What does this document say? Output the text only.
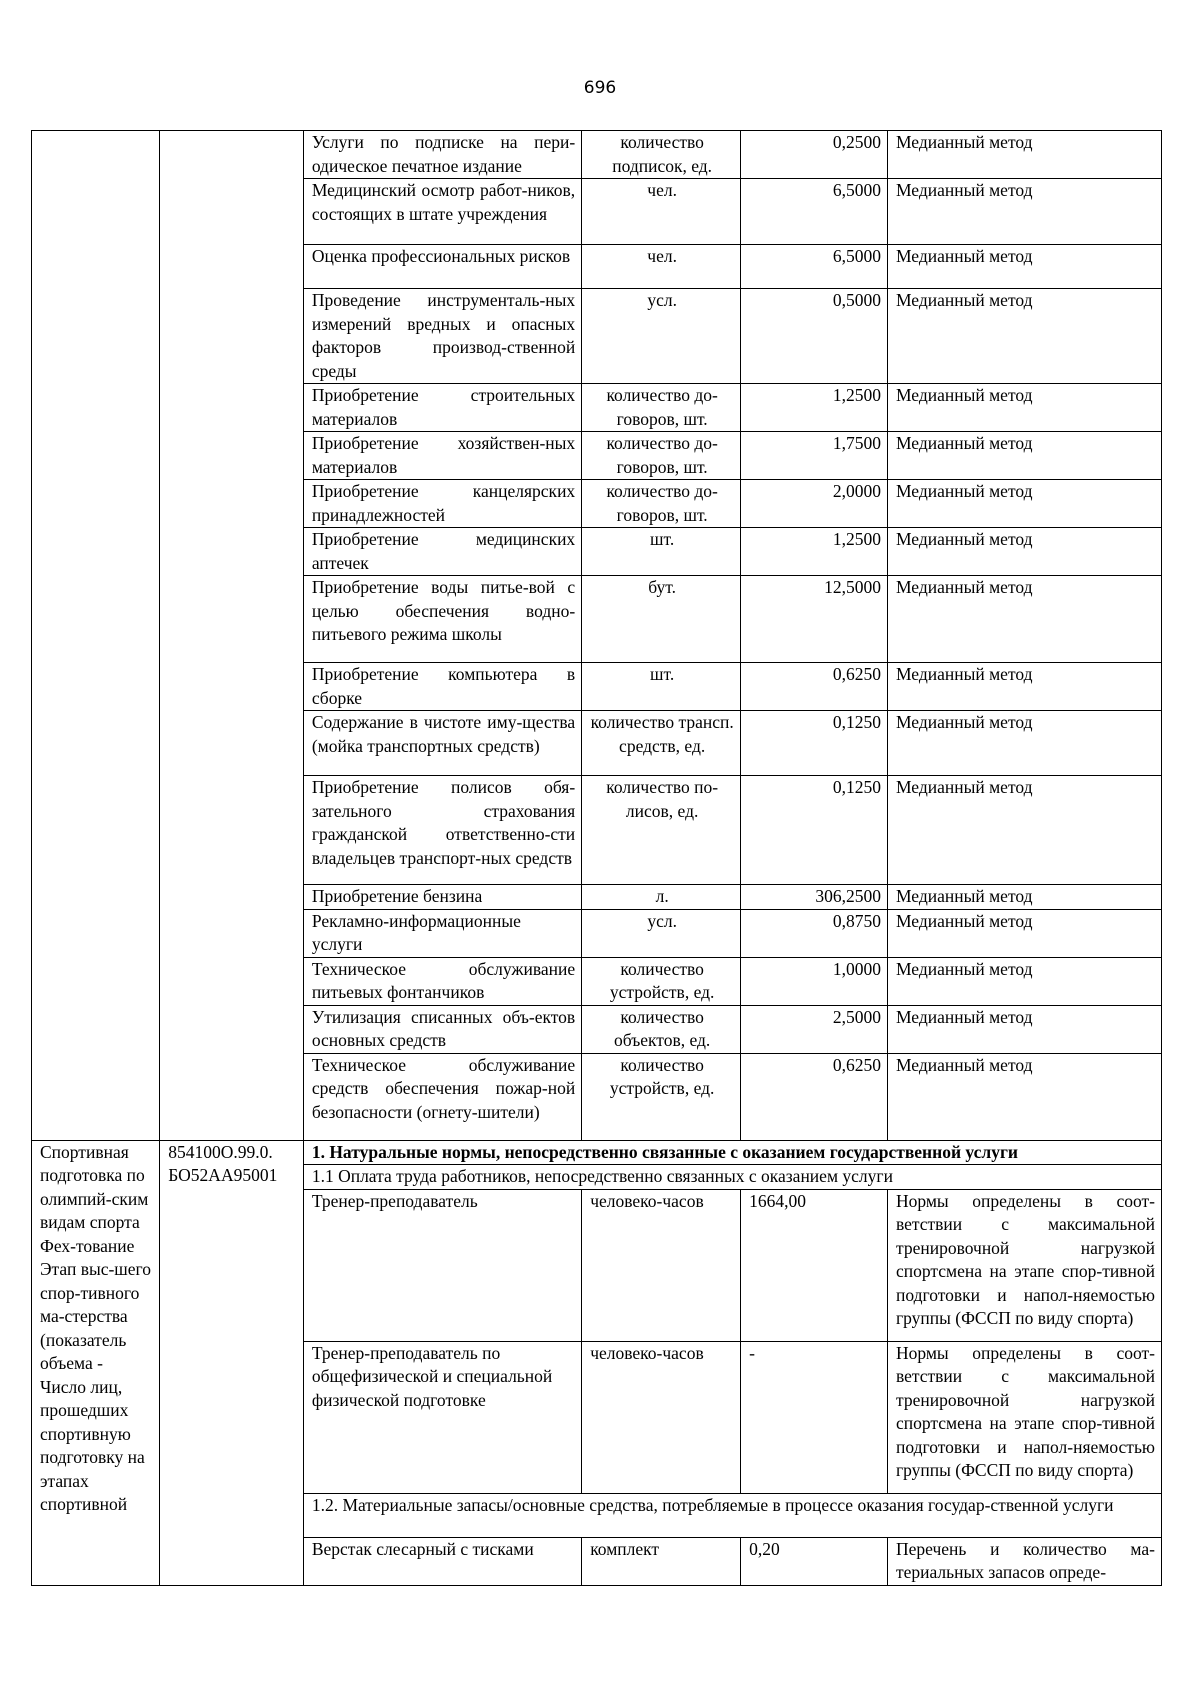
696
		Услуги по подписке на пери-одическое печатное издание	количество подписок, ед.	0,2500	Медианный метод
		Медицинский осмотр работ-ников, состоящих в штате учреждения	чел.	6,5000	Медианный метод
		Оценка профессиональных рисков	чел.	6,5000	Медианный метод
		Проведение инструменталь-ных измерений вредных и опасных факторов производ-ственной среды	усл.	0,5000	Медианный метод
		Приобретение строительных материалов	количество до-говоров, шт.	1,2500	Медианный метод
		Приобретение хозяйствен-ных материалов	количество до-говоров, шт.	1,7500	Медианный метод
		Приобретение канцелярских принадлежностей	количество до-говоров, шт.	2,0000	Медианный метод
		Приобретение медицинских аптечек	шт.	1,2500	Медианный метод
		Приобретение воды питье-вой с целью обеспечения водно-питьевого режима школы	бут.	12,5000	Медианный метод
		Приобретение компьютера в сборке	шт.	0,6250	Медианный метод
		Содержание в чистоте иму-щества (мойка транспортных средств)	количество трансп. средств, ед.	0,1250	Медианный метод
		Приобретение полисов обя-зательного страхования гражданской ответственно-сти владельцев транспорт-ных средств	количество по-лисов, ед.	0,1250	Медианный метод
		Приобретение бензина	л.	306,2500	Медианный метод
		Рекламно-информационные услуги	усл.	0,8750	Медианный метод
		Техническое обслуживание питьевых фонтанчиков	количество устройств, ед.	1,0000	Медианный метод
		Утилизация списанных объ-ектов основных средств	количество объектов, ед.	2,5000	Медианный метод
		Техническое обслуживание средств обеспечения пожар-ной безопасности (огнету-шители)	количество устройств, ед.	0,6250	Медианный метод
Спортивная подготовка по олимпий-ским видам спорта Фех-тование Этап выс-шего спор-тивного ма-стерства (показатель объема - Число лиц, прошедших спортивную подготовку на этапах спортивной	854100О.99.0. БО52АА95001	1. Натуральные нормы, непосредственно связанные с оказанием государственной услуги			
		1.1 Оплата труда работников, непосредственно связанных с оказанием услуги			
		Тренер-преподаватель	человеко-часов	1664,00	Нормы определены в соот-ветствии с максимальной тренировочной нагрузкой спортсмена на этапе спор-тивной подготовки и напол-няемостью группы (ФССП по виду спорта)
		Тренер-преподаватель по общефизической и специальной физической подготовке	человеко-часов	-	Нормы определены в соот-ветствии с максимальной тренировочной нагрузкой спортсмена на этапе спор-тивной подготовки и напол-няемостью группы (ФССП по виду спорта)
		1.2. Материальные запасы/основные средства, потребляемые в процессе оказания государ-ственной услуги			
		Верстак слесарный с тисками	комплект	0,20	Перечень и количество ма-териальных запасов опреде-
